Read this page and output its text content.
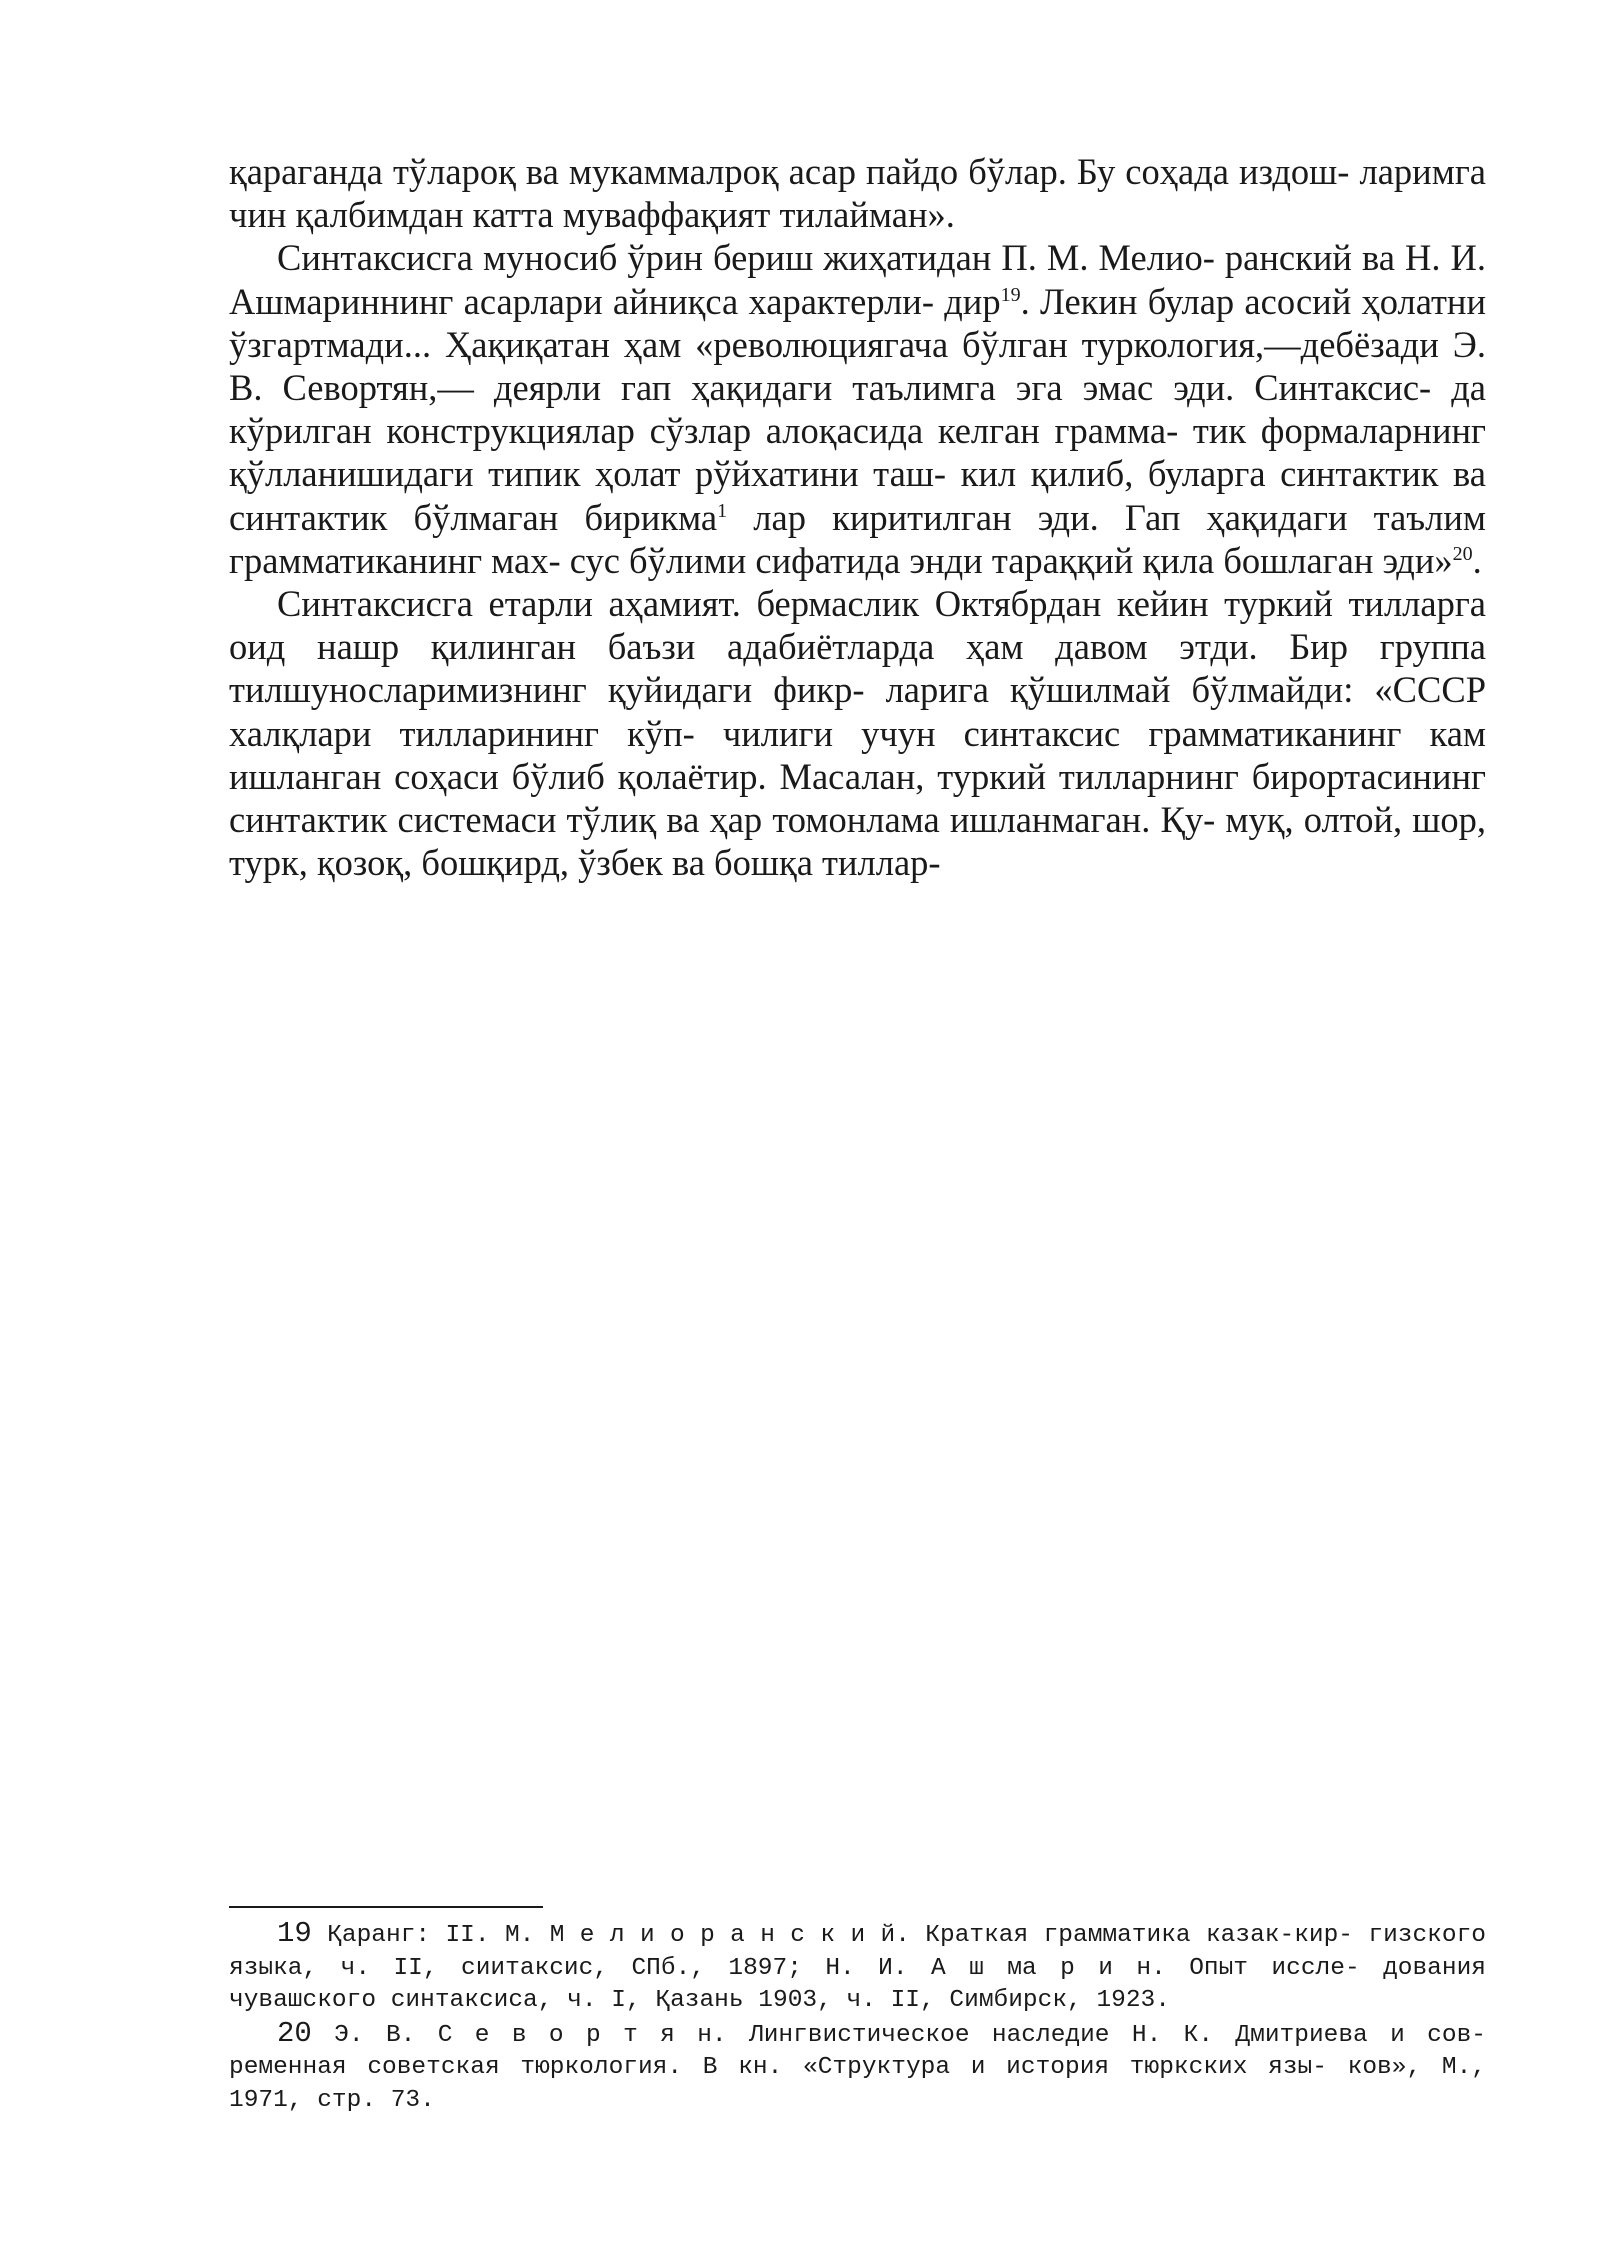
қараганда тўлароқ ва мукаммалроқ асар пайдо бўлар. Бу соҳада издош- ларимга чин қалбимдан катта муваффақият тилайман».

Синтаксисга муносиб ўрин бериш жиҳатидан П. М. Мелио- ранский ва Н. И. Ашмариннинг асарлари айниқса характерли- дир$^{19}$. Лекин булар асосий ҳолатни ўзгартмади... Ҳақиқатан ҳам «революциягача бўлган туркология,—дебёзади Э. В. Севортян,— деярли гап ҳақидаги таълимга эга эмас эди. Синтаксис- да кўрилган конструкциялар сўзлар алоқасида келган грамма- тик формаларнинг қўлланишидаги типик ҳолат рўйхатини таш- кил қилиб, буларга синтактик ва синтактик бўлмаган бирикма$^1$ лар киритилган эди. Гап ҳақидаги таълим грамматиканинг мах- сус бўлими сифатида энди тараққий қила бошлаган эди»$^{20}$.

Синтаксисга етарли аҳамият. бермаслик Октябрдан кейин туркий тилларга оид нашр қилинган баъзи адабиётларда ҳам давом этди. Бир группа тилшуносларимизнинг қуйидаги фикр- ларига қўшилмай бўлмайди: «СССР халқлари тилларининг кўп- чилиги учун синтаксис грамматиканинг кам ишланган соҳаси бўлиб қолаётир. Масалан, туркий тилларнинг бирортасининг синтактик системаси тўлиқ ва ҳар томонлама ишланмаган. Қу- муқ, олтой, шор, турк, қозоқ, бошқирд, ўзбек ва бошқа тиллар-

19 Қаранг: II. М. М е л и о р а н с к и й. Краткая грамматика казак-кир- гизского языка, ч. II, сиитаксис, СПб., 1897; Н. И. А ш ма р и н. Опыт иссле- дования чувашского синтаксиса, ч. I, Қазань 1903, ч. II, Симбирск, 1923.

20 Э. В. С е в о р т я н. Лингвистическое наследие Н. К. Дмитриева и сов- ременная советская тюркология. В кн. «Структура и история тюркских язы- ков», М., 1971, стр. 73.
